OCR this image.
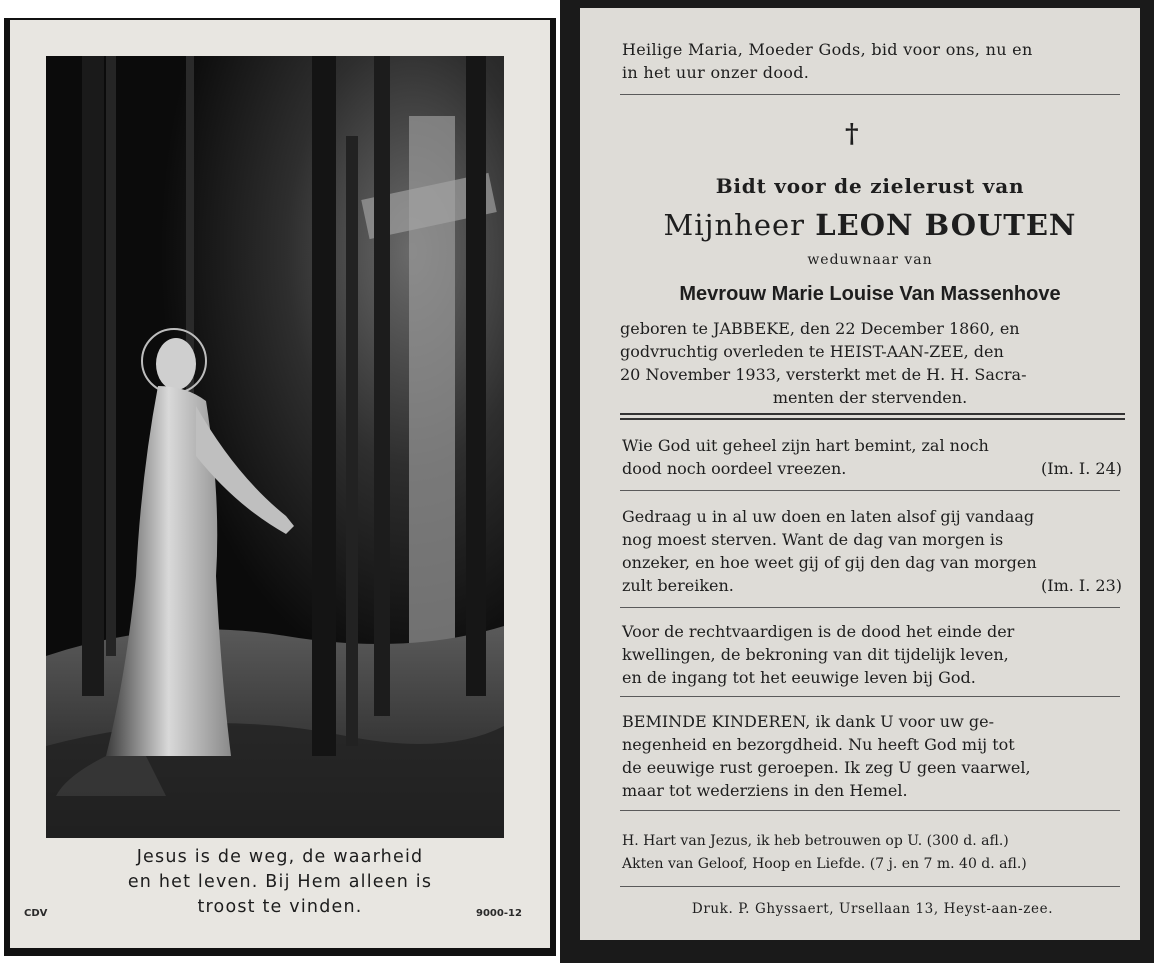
Jesus is de weg, de waarheid
en het leven. Bij Hem alleen is
troost te vinden.
CDV	9000-12
Heilige Maria, Moeder Gods, bid voor ons, nu en
in het uur onzer dood.
†
Bidt voor de zielerust van
Mijnheer LEON BOUTEN
weduwnaar van
Mevrouw Marie Louise Van Massenhove
geboren te JABBEKE, den 22 December 1860, en
godvruchtig overleden te HEIST-AAN-ZEE, den
20 November 1933, versterkt met de H. H. Sacra-
menten der stervenden.
Wie God uit geheel zijn hart bemint, zal noch
dood noch oordeel vreezen.	(Im. I. 24)
Gedraag u in al uw doen en laten alsof gij vandaag
nog moest sterven. Want de dag van morgen is
onzeker, en hoe weet gij of gij den dag van morgen
zult bereiken.	(Im. I. 23)
Voor de rechtvaardigen is de dood het einde der
kwellingen, de bekroning van dit tijdelijk leven,
en de ingang tot het eeuwige leven bij God.
BEMINDE KINDEREN, ik dank U voor uw ge-
negenheid en bezorgdheid. Nu heeft God mij tot
de eeuwige rust geroepen. Ik zeg U geen vaarwel,
maar tot wederziens in den Hemel.
H. Hart van Jezus, ik heb betrouwen op U. (300 d. afl.)
Akten van Geloof, Hoop en Liefde. (7 j. en 7 m. 40 d. afl.)
Druk. P. Ghyssaert, Ursellaan 13, Heyst-aan-zee.
